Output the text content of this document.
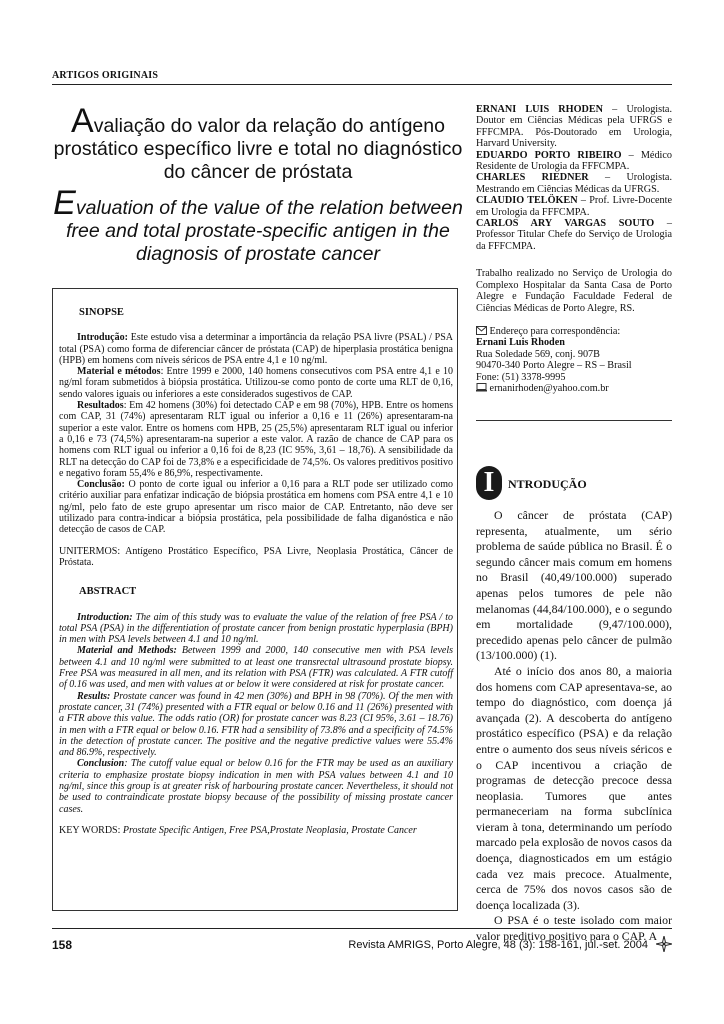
ARTIGOS ORIGINAIS
Avaliação do valor da relação do antígeno prostático específico livre e total no diagnóstico do câncer de próstata
Evaluation of the value of the relation between free and total prostate-specific antigen in the diagnosis of prostate cancer
SINOPSE

Introdução: Este estudo visa a determinar a importância da relação PSA livre (PSAL) / PSA total (PSA) como forma de diferenciar câncer de próstata (CAP) de hiperplasia prostática benigna (HPB) em homens com níveis séricos de PSA entre 4,1 e 10 ng/ml.

Material e métodos: Entre 1999 e 2000, 140 homens consecutivos com PSA entre 4,1 e 10 ng/ml foram submetidos à biópsia prostática. Utilizou-se como ponto de corte uma RLT de 0,16, sendo valores iguais ou inferiores a este considerados sugestivos de CAP.

Resultados: Em 42 homens (30%) foi detectado CAP e em 98 (70%), HPB. Entre os homens com CAP, 31 (74%) apresentaram RLT igual ou inferior a 0,16 e 11 (26%) apresentaram-na superior a este valor. Entre os homens com HPB, 25 (25,5%) apresentaram RLT igual ou inferior a 0,16 e 73 (74,5%) apresentaram-na superior a este valor. A razão de chance de CAP para os homens com RLT igual ou inferior a 0,16 foi de 8,23 (IC 95%, 3,61 – 18,76). A sensibilidade da RLT na detecção do CAP foi de 73,8% e a especificidade de 74,5%. Os valores preditivos positivo e negativo foram 55,4% e 86,9%, respectivamente.

Conclusão: O ponto de corte igual ou inferior a 0,16 para a RLT pode ser utilizado como critério auxiliar para enfatizar indicação de biópsia prostática em homens com PSA entre 4,1 e 10 ng/ml, pelo fato de este grupo apresentar um risco maior de CAP. Entretanto, não deve ser utilizado para contra-indicar a biópsia prostática, pela possibilidade de falha diganóstica e não detecção de casos de CAP.

UNITERMOS: Antígeno Prostático Específico, PSA Livre, Neoplasia Prostática, Câncer de Próstata.

ABSTRACT

Introduction: The aim of this study was to evaluate the value of the relation of free PSA / to total PSA (PSA) in the differentiation of prostate cancer from benign prostatic hyperplasia (BPH) in men with PSA levels between 4.1 and 10 ng/ml.

Material and Methods: Between 1999 and 2000, 140 consecutive men with PSA levels between 4.1 and 10 ng/ml were submitted to at least one transrectal ultrasound prostate biopsy. Free PSA was measured in all men, and its relation with PSA (FTR) was calculated. A FTR cutoff of 0.16 was used, and men with values at or below it were considered at risk for prostate cancer.

Results: Prostate cancer was found in 42 men (30%) and BPH in 98 (70%). Of the men with prostate cancer, 31 (74%) presented with a FTR equal or below 0.16 and 11 (26%) presented with a FTR above this value. The odds ratio (OR) for prostate cancer was 8.23 (CI 95%, 3.61 – 18.76) in men with a FTR equal or below 0.16. FTR had a sensibility of 73.8% and a specificity of 74.5% in the detection of prostate cancer. The positive and the negative predictive values were 55.4% and 86.9%, respectively.

Conclusion: The cutoff value equal or below 0.16 for the FTR may be used as an auxiliary criteria to emphasize prostate biopsy indication in men with PSA values between 4.1 and 10 ng/ml, since this group is at greater risk of harbouring prostate cancer. Nevertheless, it should not be used to contraindicate prostate biopsy because of the possibility of missing prostate cancer cases.

KEY WORDS: Prostate Specific Antigen, Free PSA,Prostate Neoplasia, Prostate Cancer

ERNANI LUIS RHODEN – Urologista. Doutor em Ciências Médicas pela UFRGS e FFFCMPA. Pós-Doutorado em Urologia, Harvard University.

EDUARDO PORTO RIBEIRO – Médico Residente de Urologia da FFFCMPA.

CHARLES RIEDNER – Urologista. Mestrando em Ciências Médicas da UFRGS.

CLAUDIO TELÖKEN – Prof. Livre-Docente em Urologia da FFFCMPA.

CARLOS ARY VARGAS SOUTO – Professor Titular Chefe do Serviço de Urologia da FFFCMPA.

Trabalho realizado no Serviço de Urologia do Complexo Hospitalar da Santa Casa de Porto Alegre e Fundação Faculdade Federal de Ciências Médicas de Porto Alegre, RS.

Endereço para correspondência:

Ernani Luis Rhoden

Rua Soledade 569, conj. 907B

90470-340 Porto Alegre – RS – Brasil

Fone: (51) 3378-9995

ernanirhoden@yahoo.com.br

I	NTRODUÇÃO

O câncer de próstata (CAP) representa, atualmente, um sério problema de saúde pública no Brasil. É o segundo câncer mais comum em homens no Brasil (40,49/100.000) superado apenas pelos tumores de pele não melanomas (44,84/100.000), e o segundo em mortalidade (9,47/100.000), precedido apenas pelo câncer de pulmão (13/100.000) (1).

Até o início dos anos 80, a maioria dos homens com CAP apresentava-se, ao tempo do diagnóstico, com doença já avançada (2). A descoberta do antígeno prostático específico (PSA) e da relação entre o aumento dos seus níveis séricos e o CAP incentivou a criação de programas de detecção precoce dessa neoplasia. Tumores que antes permaneceriam na forma subclínica vieram à tona, determinando um período marcado pela explosão de novos casos da doença, diagnosticados em um estágio cada vez mais precoce. Atualmente, cerca de 75% dos novos casos são de doença localizada (3).

O PSA é o teste isolado com maior valor preditivo positivo para o CAP. A

158	Revista AMRIGS, Porto Alegre, 48 (3): 158-161, jul.-set. 2004
